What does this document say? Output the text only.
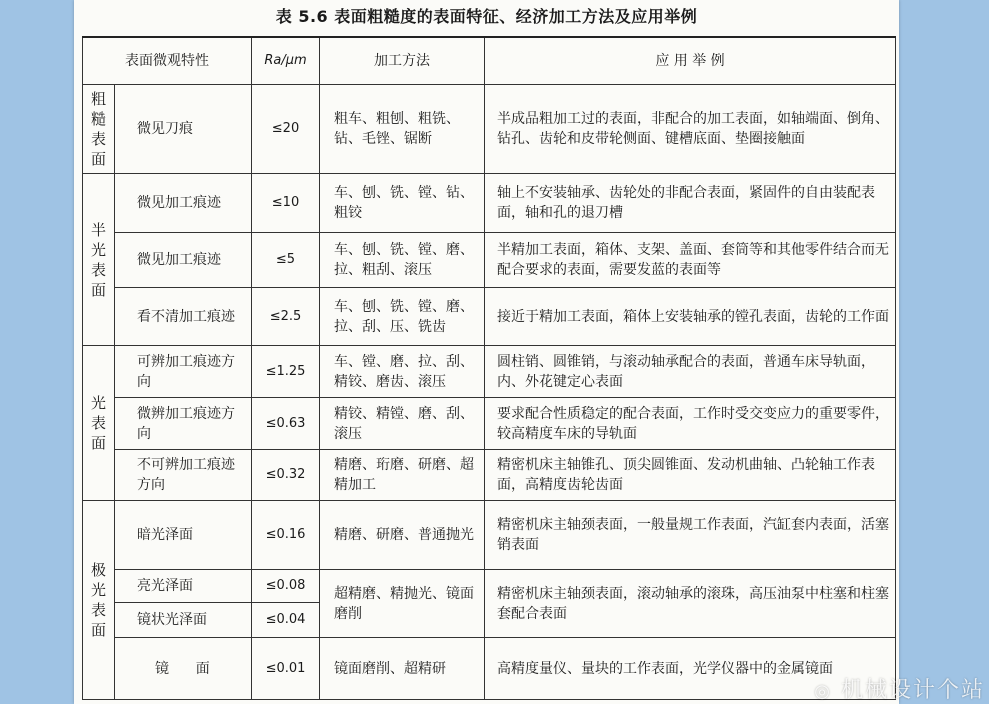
表 5.6 表面粗糙度的表面特征、经济加工方法及应用举例
表面微观特性		Ra/μm	加工方法	应 用 举 例

粗糙表面	微见刀痕	≤20	粗车、粗刨、粗铣、钻、毛锉、锯断	半成品粗加工过的表面，非配合的加工表面，如轴端面、倒角、钻孔、齿轮和皮带轮侧面、键槽底面、垫圈接触面

半光表面	微见加工痕迹	≤10	车、刨、铣、镗、钻、粗铰	轴上不安装轴承、齿轮处的非配合表面，紧固件的自由装配表面，轴和孔的退刀槽
	微见加工痕迹	≤5	车、刨、铣、镗、磨、拉、粗刮、滚压	半精加工表面，箱体、支架、盖面、套筒等和其他零件结合而无配合要求的表面，需要发蓝的表面等
	看不清加工痕迹	≤2.5	车、刨、铣、镗、磨、拉、刮、压、铣齿	接近于精加工表面，箱体上安装轴承的镗孔表面，齿轮的工作面

光表面	可辨加工痕迹方向	≤1.25	车、镗、磨、拉、刮、精铰、磨齿、滚压	圆柱销、圆锥销，与滚动轴承配合的表面，普通车床导轨面，内、外花键定心表面
	微辨加工痕迹方向	≤0.63	精铰、精镗、磨、刮、滚压	要求配合性质稳定的配合表面，工作时受交变应力的重要零件，较高精度车床的导轨面
	不可辨加工痕迹方向	≤0.32	精磨、珩磨、研磨、超精加工	精密机床主轴锥孔、顶尖圆锥面、发动机曲轴、凸轮轴工作表面，高精度齿轮齿面

极光表面	暗光泽面	≤0.16	精磨、研磨、普通抛光	精密机床主轴颈表面，一般量规工作表面，汽缸套内表面，活塞销表面
	亮光泽面	≤0.08	超精磨、精抛光、镜面磨削	精密机床主轴颈表面，滚动轴承的滚珠，高压油泵中柱塞和柱塞套配合表面
	镜状光泽面	≤0.04		
	镜      面	≤0.01	镜面磨削、超精研	高精度量仪、量块的工作表面，光学仪器中的金属镜面
◎ 机械设计个站
